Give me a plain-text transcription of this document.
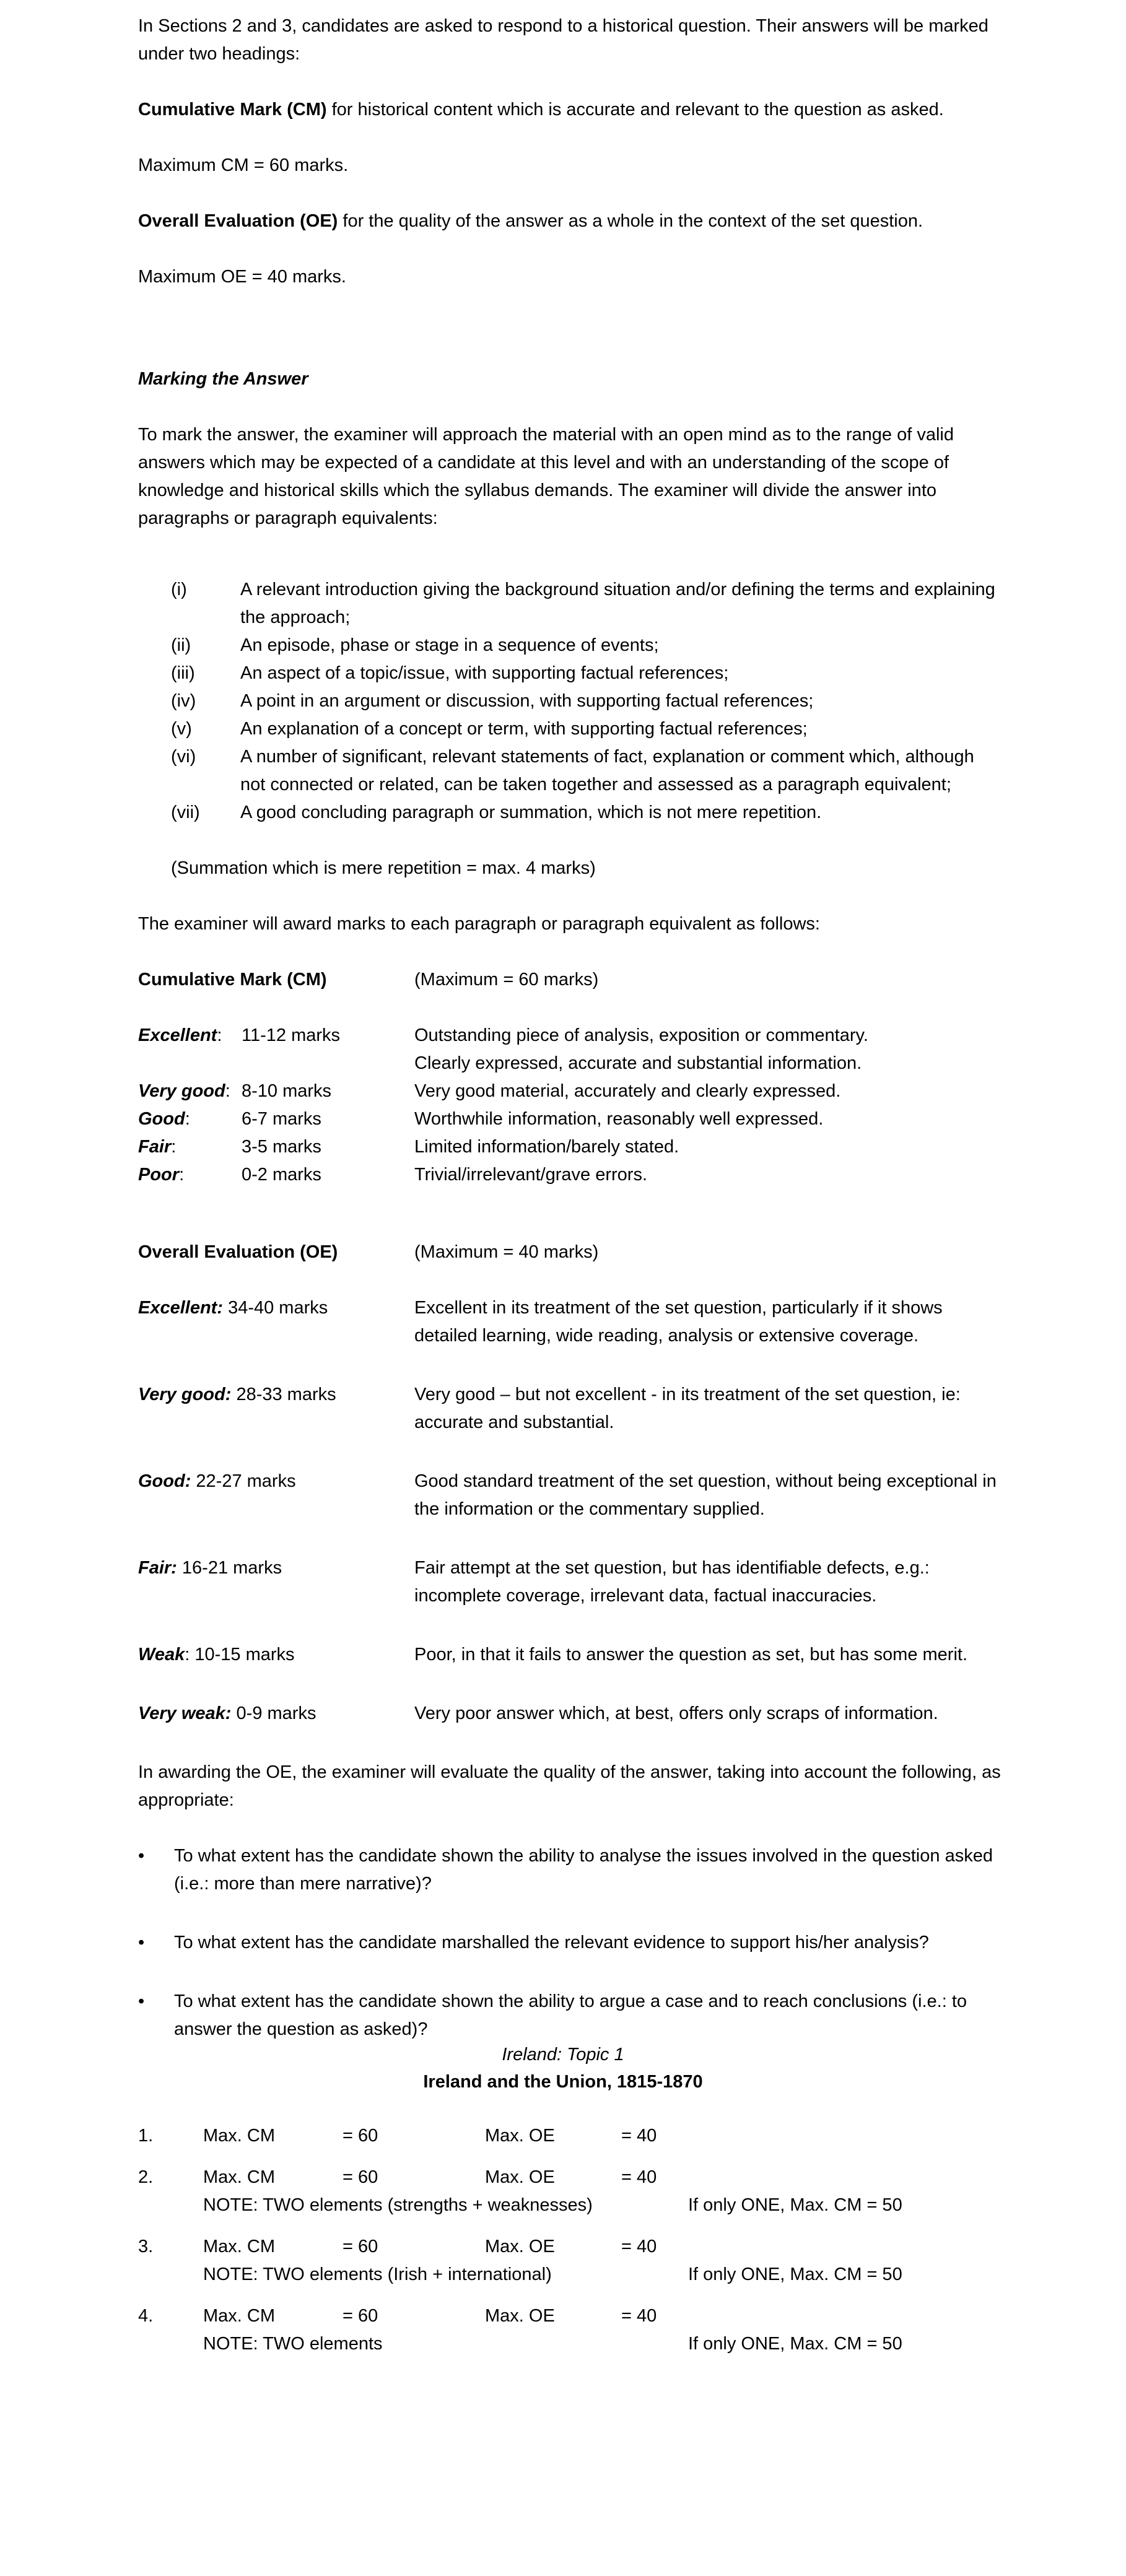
In Sections 2 and 3, candidates are asked to respond to a historical question. Their answers will be marked under two headings:
Cumulative Mark (CM) for historical content which is accurate and relevant to the question as asked.
Maximum CM = 60 marks.
Overall Evaluation (OE) for the quality of the answer as a whole in the context of the set question.
Maximum OE = 40 marks.
Marking the Answer
To mark the answer, the examiner will approach the material with an open mind as to the range of valid answers which may be expected of a candidate at this level and with an understanding of the scope of knowledge and historical skills which the syllabus demands. The examiner will divide the answer into paragraphs or paragraph equivalents:
(i)	A relevant introduction giving the background situation and/or defining the terms and explaining the approach;
(ii)	An episode, phase or stage in a sequence of events;
(iii)	An aspect of a topic/issue, with supporting factual references;
(iv)	A point in an argument or discussion, with supporting factual references;
(v)	An explanation of a concept or term, with supporting factual references;
(vi)	A number of significant, relevant statements of fact, explanation or comment which, although not connected or related, can be taken together and assessed as a paragraph equivalent;
(vii)	A good concluding paragraph or summation, which is not mere repetition.
(Summation which is mere repetition = max. 4 marks)
The examiner will award marks to each paragraph or paragraph equivalent as follows:
Cumulative Mark (CM)	(Maximum = 60 marks)
Excellent: 11-12 marks	Outstanding piece of analysis, exposition or commentary.
Clearly expressed, accurate and substantial information.
Very good: 8-10 marks	Very good material, accurately and clearly expressed.
Good:	6-7 marks	Worthwhile information, reasonably well expressed.
Fair:	3-5 marks	Limited information/barely stated.
Poor:	0-2 marks	Trivial/irrelevant/grave errors.
Overall Evaluation (OE)	(Maximum = 40 marks)
Excellent: 34-40 marks	Excellent in its treatment of the set question, particularly if it shows detailed learning, wide reading, analysis or extensive coverage.
Very good: 28-33 marks	Very good – but not excellent - in its treatment of the set question, ie: accurate and substantial.
Good: 22-27 marks	Good standard treatment of the set question, without being exceptional in the information or the commentary supplied.
Fair: 16-21 marks	Fair attempt at the set question, but has identifiable defects, e.g.: incomplete coverage, irrelevant data, factual inaccuracies.
Weak: 10-15 marks	Poor, in that it fails to answer the question as set, but has some merit.
Very weak: 0-9 marks	Very poor answer which, at best, offers only scraps of information.
In awarding the OE, the examiner will evaluate the quality of the answer, taking into account the following, as appropriate:
•	To what extent has the candidate shown the ability to analyse the issues involved in the question asked (i.e.: more than mere narrative)?
•	To what extent has the candidate marshalled the relevant evidence to support his/her analysis?
•	To what extent has the candidate shown the ability to argue a case and to reach conclusions (i.e.: to answer the question as asked)?
Ireland: Topic 1
Ireland and the Union, 1815-1870
1.	Max. CM	= 60	Max. OE	= 40
2.	Max. CM	= 60	Max. OE	= 40
NOTE: TWO elements (strengths + weaknesses)	If only ONE, Max. CM = 50
3.	Max. CM	= 60	Max. OE	= 40
NOTE: TWO elements (Irish + international)	If only ONE, Max. CM = 50
4.	Max. CM	= 60	Max. OE	= 40
NOTE: TWO elements	If only ONE, Max. CM = 50
